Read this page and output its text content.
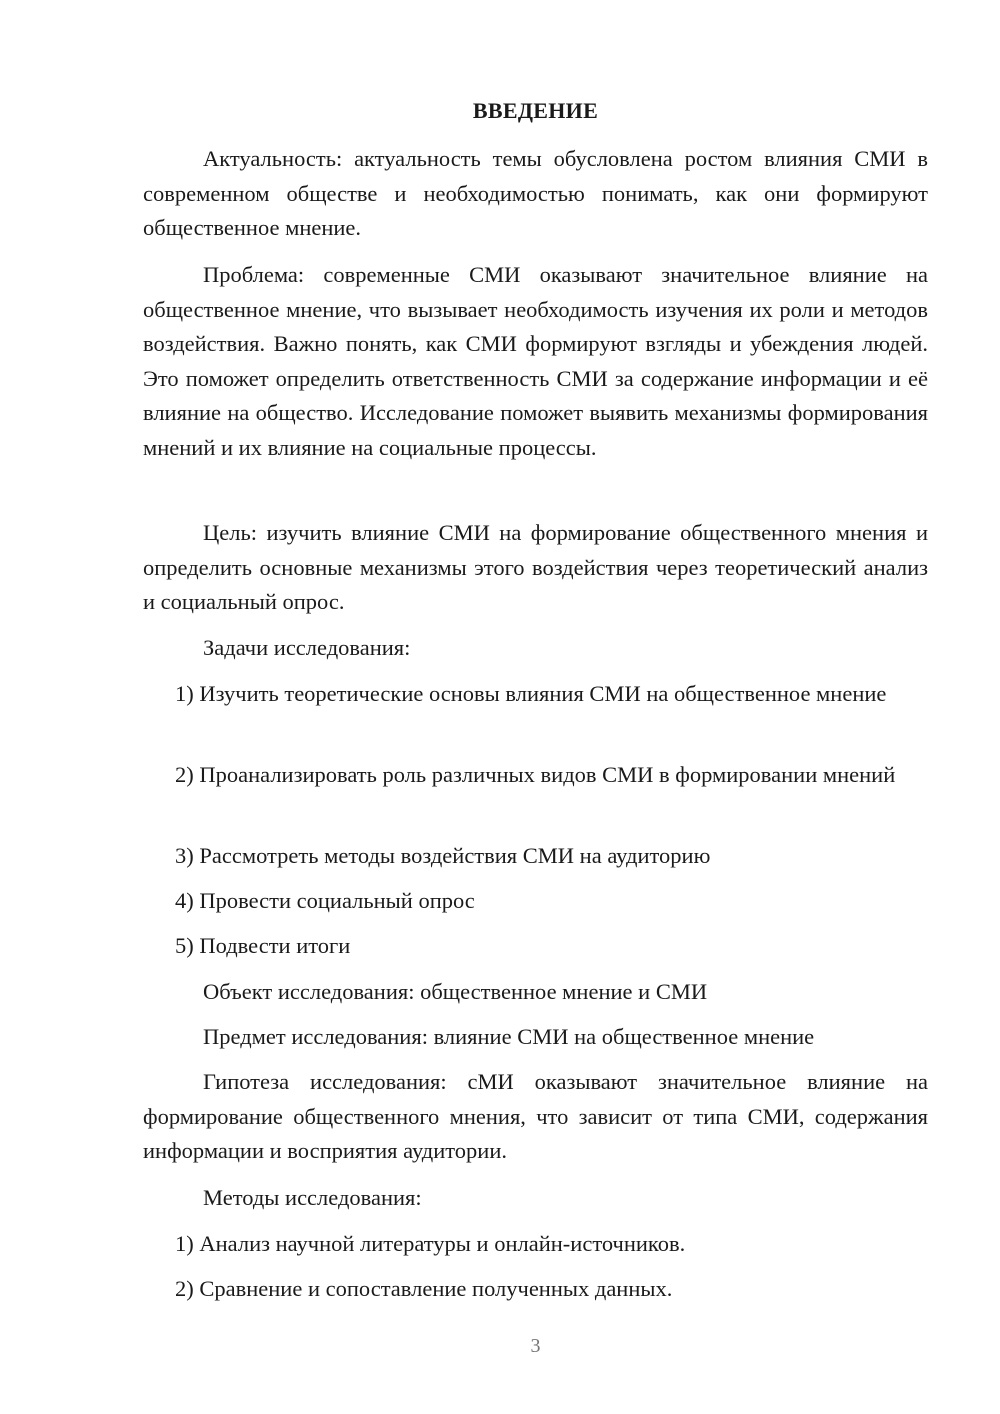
ВВЕДЕНИЕ

Актуальность: актуальность темы обусловлена ростом влияния СМИ в современном обществе и необходимостью понимать, как они формируют общественное мнение.

Проблема: современные СМИ оказывают значительное влияние на общественное мнение, что вызывает необходимость изучения их роли и методов воздействия. Важно понять, как СМИ формируют взгляды и убеждения людей. Это поможет определить ответственность СМИ за содержание информации и её влияние на общество. Исследование поможет выявить механизмы формирования мнений и их влияние на социальные процессы.

Цель: изучить влияние СМИ на формирование общественного мнения и определить основные механизмы этого воздействия через теоретический анализ и социальный опрос.

Задачи исследования:

1) Изучить теоретические основы влияния СМИ на общественное мнение

2) Проанализировать роль различных видов СМИ в формировании мнений

3) Рассмотреть методы воздействия СМИ на аудиторию

4) Провести социальный опрос

5) Подвести итоги

Объект исследования: общественное мнение и СМИ

Предмет исследования: влияние СМИ на общественное мнение

Гипотеза исследования: сМИ оказывают значительное влияние на формирование общественного мнения, что зависит от типа СМИ, содержания информации и восприятия аудитории.

Методы исследования:

1) Анализ научной литературы и онлайн-источников.

2) Сравнение и сопоставление полученных данных.

3
